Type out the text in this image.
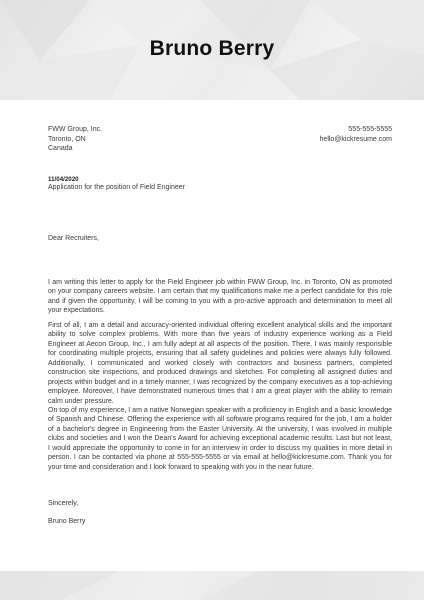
Bruno Berry
FWW Group, Inc.
Toronto, ON
Canada
555-555-5555
hello@kickresume.com
11/04/2020
Application for the position of Field Engineer
Dear Recruiters,

I am writing this letter to apply for the Field Engineer job within FWW Group, Inc. in Toronto, ON as promoted on your company careers website. I am certain that my qualifications make me a perfect candidate for this role and if given the opportunity, I will be coming to you with a pro-active approach and determination to meet all your expectations.

First of all, I am a detail and accuracy-oriented individual offering excellent analytical skills and the important ability to solve complex problems. With more than five years of industry experience working as a Field Engineer at Aecon Group, Inc., I am fully adept at all aspects of the position. There, I was mainly responsible for coordinating multiple projects, ensuring that all safety guidelines and policies were always fully followed. Additionally, I communicated and worked closely with contractors and business partners, completed construction site inspections, and produced drawings and sketches. For completing all assigned duties and projects within budget and in a timely manner, I was recognized by the company executives as a top-achieving employee. Moreover, I have demonstrated numerous times that I am a great player with the ability to remain calm under pressure.

On top of my experience, I am a native Norwegian speaker with a proficiency in English and a basic knowledge of Spanish and Chinese. Offering the experience with all software programs required for the job, I am a holder of a bachelor's degree in Engineering from the Easter University. At the university, I was involved in multiple clubs and societies and I won the Dean's Award for achieving exceptional academic results. Last but not least, I would appreciate the opportunity to come in for an interview in order to discuss my qualities in more detail in person. I can be contacted via phone at 555-555-5555 or via email at hello@kickresume.com. Thank you for your time and consideration and I look forward to speaking with you in the near future.

Sincerely,
Bruno Berry
